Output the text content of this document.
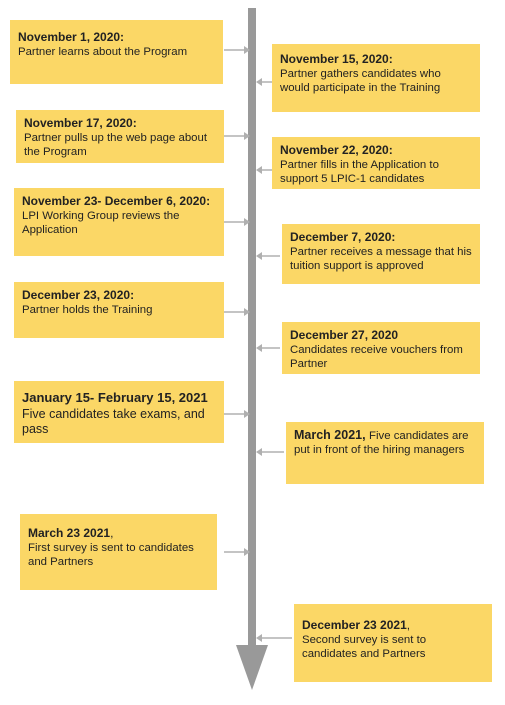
November 1, 2020:
Partner learns about the Program
November 17, 2020:
Partner pulls up the web page about the Program
November 23- December 6, 2020:
LPI Working Group reviews the Application
December 23, 2020:
Partner holds the Training
January 15- February 15, 2021
Five candidates take exams, and pass
March 23 2021,
First survey is sent to candidates and Partners
November 15, 2020:
Partner gathers candidates who would participate in the Training
November 22, 2020:
Partner fills in the Application to support 5 LPIC-1 candidates
December 7, 2020:
Partner receives a message that his tuition support is approved
December 27, 2020
Candidates receive vouchers from Partner
March 2021, Five candidates are put in front of the hiring managers
December 23 2021,
Second survey is sent to candidates and Partners
